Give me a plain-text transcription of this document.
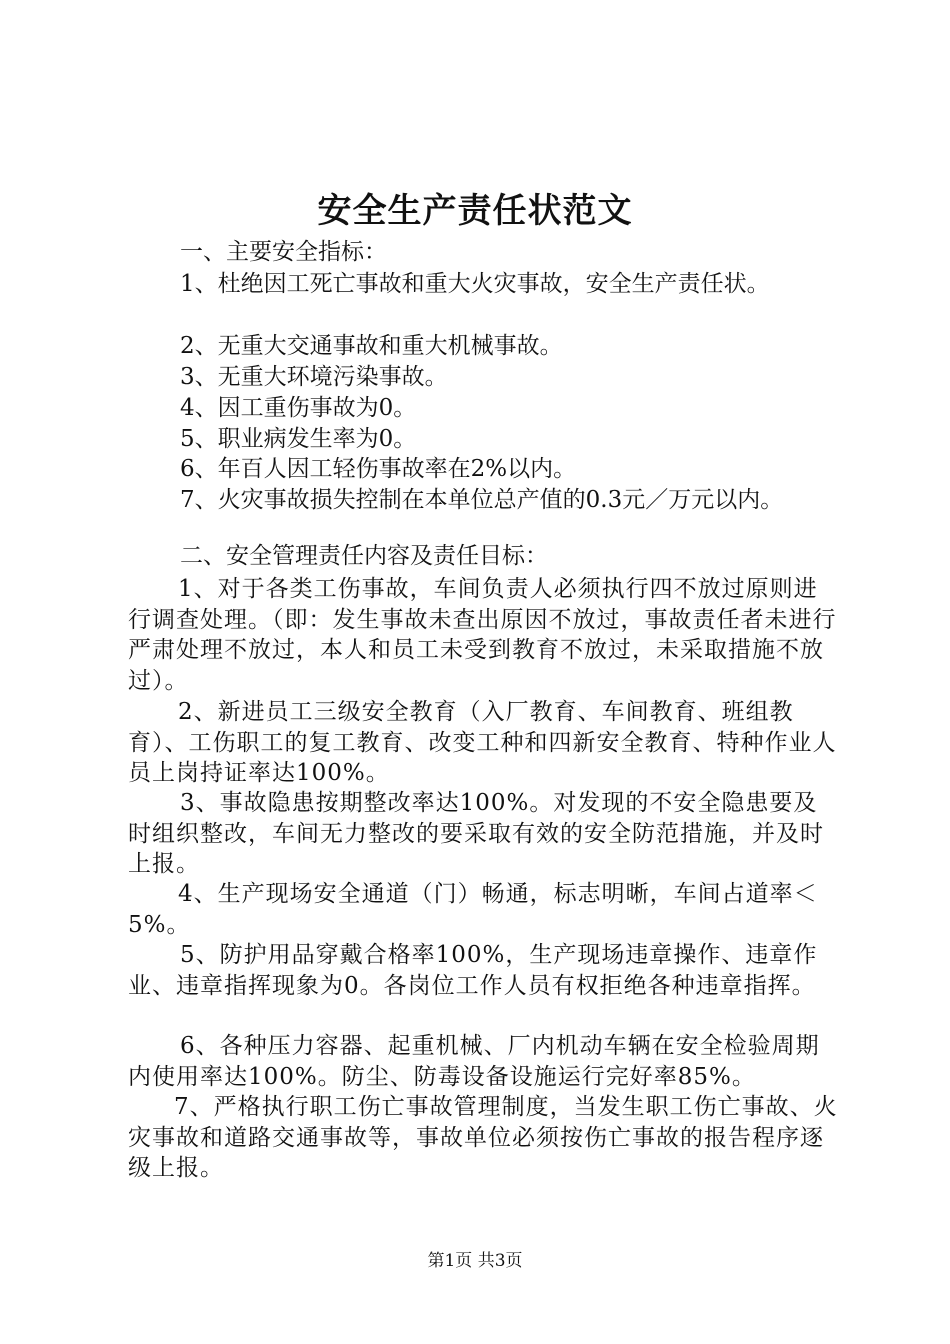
安全生产责任状范文
一、主要安全指标：
1、杜绝因工死亡事故和重大火灾事故，安全生产责任状。
2、无重大交通事故和重大机械事故。
3、无重大环境污染事故。
4、因工重伤事故为0。
5、职业病发生率为0。
6、年百人因工轻伤事故率在2%以内。
7、火灾事故损失控制在本单位总产值的0.3元／万元以内。
二、安全管理责任内容及责任目标：
1、对于各类工伤事故，车间负责人必须执行四不放过原则进行调查处理。（即：发生事故未查出原因不放过，事故责任者未进行严肃处理不放过，本人和员工未受到教育不放过，未采取措施不放过）。
2、新进员工三级安全教育（入厂教育、车间教育、班组教育）、工伤职工的复工教育、改变工种和四新安全教育、特种作业人员上岗持证率达100%。
3、事故隐患按期整改率达100%。对发现的不安全隐患要及时组织整改，车间无力整改的要采取有效的安全防范措施，并及时上报。
4、生产现场安全通道（门）畅通，标志明晰，车间占道率＜5%。
5、防护用品穿戴合格率100%，生产现场违章操作、违章作业、违章指挥现象为0。各岗位工作人员有权拒绝各种违章指挥。
6、各种压力容器、起重机械、厂内机动车辆在安全检验周期内使用率达100%。防尘、防毒设备设施运行完好率85%。
7、严格执行职工伤亡事故管理制度，当发生职工伤亡事故、火灾事故和道路交通事故等，事故单位必须按伤亡事故的报告程序逐级上报。
第1页 共3页
